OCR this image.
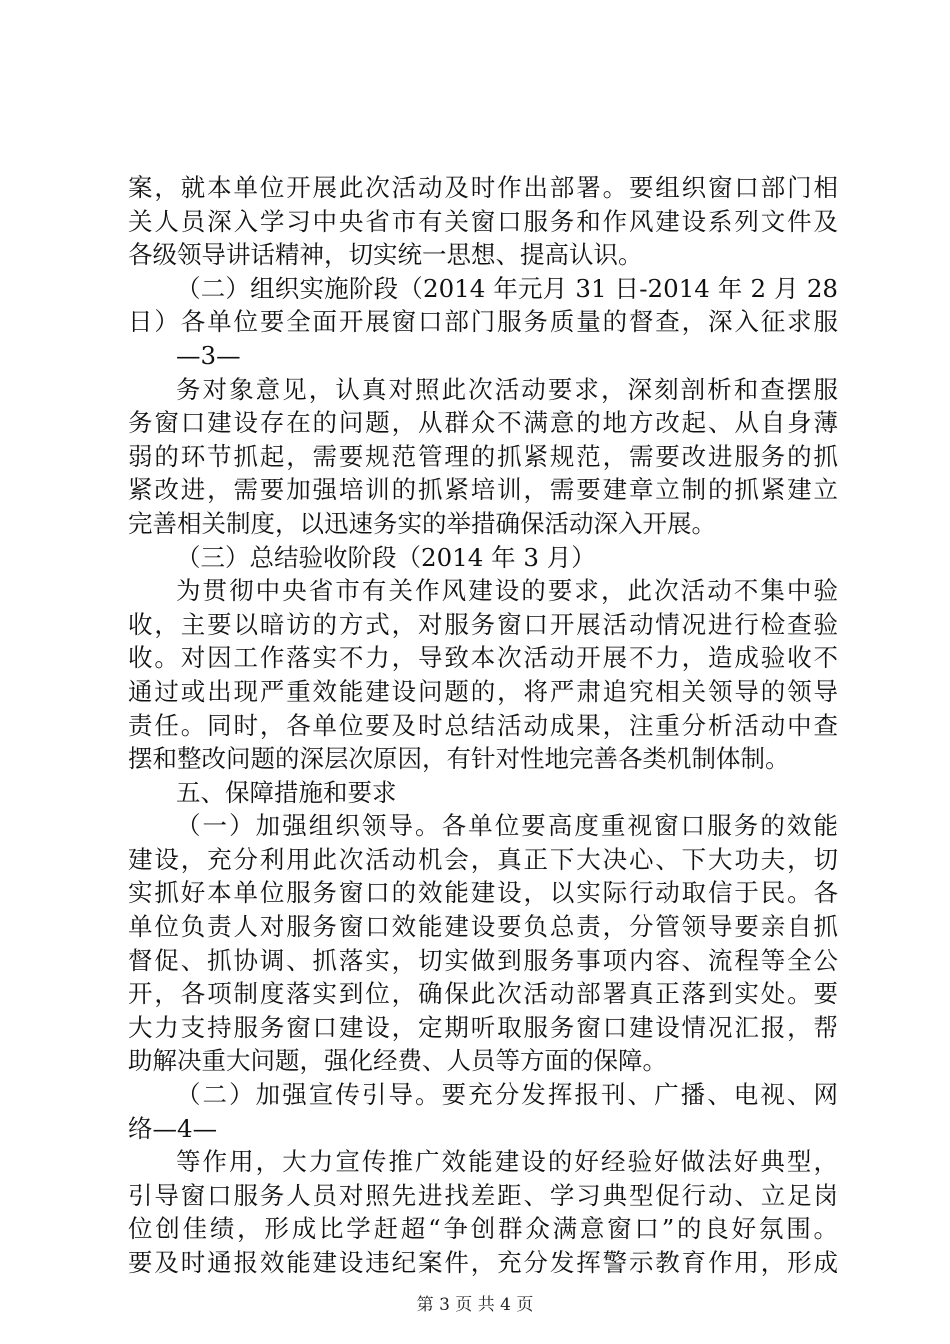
案，就本单位开展此次活动及时作出部署。要组织窗口部门相
关人员深入学习中央省市有关窗口服务和作风建设系列文件及
各级领导讲话精神，切实统一思想、提高认识。
（二）组织实施阶段（2014 年元月 31 日-2014 年 2 月 28
日）各单位要全面开展窗口部门服务质量的督查，深入征求服
—3—
务对象意见，认真对照此次活动要求，深刻剖析和查摆服
务窗口建设存在的问题，从群众不满意的地方改起、从自身薄
弱的环节抓起，需要规范管理的抓紧规范，需要改进服务的抓
紧改进，需要加强培训的抓紧培训，需要建章立制的抓紧建立
完善相关制度，以迅速务实的举措确保活动深入开展。
（三）总结验收阶段（2014 年 3 月）
为贯彻中央省市有关作风建设的要求，此次活动不集中验
收，主要以暗访的方式，对服务窗口开展活动情况进行检查验
收。对因工作落实不力，导致本次活动开展不力，造成验收不
通过或出现严重效能建设问题的，将严肃追究相关领导的领导
责任。同时，各单位要及时总结活动成果，注重分析活动中查
摆和整改问题的深层次原因，有针对性地完善各类机制体制。
五、保障措施和要求
（一）加强组织领导。各单位要高度重视窗口服务的效能
建设，充分利用此次活动机会，真正下大决心、下大功夫，切
实抓好本单位服务窗口的效能建设，以实际行动取信于民。各
单位负责人对服务窗口效能建设要负总责，分管领导要亲自抓
督促、抓协调、抓落实，切实做到服务事项内容、流程等全公
开，各项制度落实到位，确保此次活动部署真正落到实处。要
大力支持服务窗口建设，定期听取服务窗口建设情况汇报，帮
助解决重大问题，强化经费、人员等方面的保障。
（二）加强宣传引导。要充分发挥报刊、广播、电视、网
络—4—
等作用，大力宣传推广效能建设的好经验好做法好典型，
引导窗口服务人员对照先进找差距、学习典型促行动、立足岗
位创佳绩，形成比学赶超“争创群众满意窗口”的良好氛围。
要及时通报效能建设违纪案件，充分发挥警示教育作用，形成
第 3 页 共 4 页
